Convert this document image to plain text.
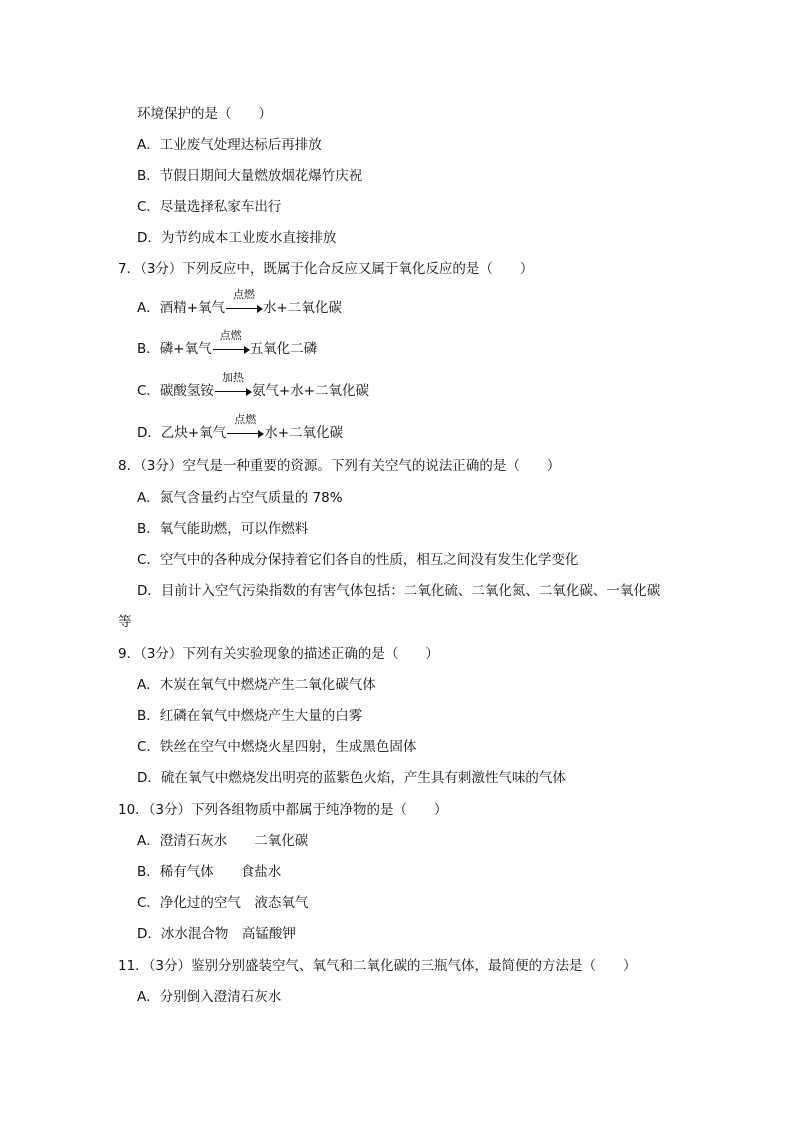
环境保护的是（　　）
A．工业废气处理达标后再排放
B．节假日期间大量燃放烟花爆竹庆祝
C．尽量选择私家车出行
D．为节约成本工业废水直接排放
7．（3分）下列反应中，既属于化合反应又属于氧化反应的是（　　）
A．酒精+氧气
点燃
水+二氧化碳
B．磷+氧气
点燃
五氧化二磷
C．碳酸氢铵
加热
氨气+水+二氧化碳
D．乙炔+氧气
点燃
水+二氧化碳
8．（3分）空气是一种重要的资源。下列有关空气的说法正确的是（　　）
A．氮气含量约占空气质量的 78%
B．氧气能助燃，可以作燃料
C．空气中的各种成分保持着它们各自的性质，相互之间没有发生化学变化
D．目前计入空气污染指数的有害气体包括：二氧化硫、二氧化氮、二氧化碳、一氧化碳
等
9．（3分）下列有关实验现象的描述正确的是（　　）
A．木炭在氧气中燃烧产生二氧化碳气体
B．红磷在氧气中燃烧产生大量的白雾
C．铁丝在空气中燃烧火星四射，生成黑色固体
D．硫在氧气中燃烧发出明亮的蓝紫色火焰，产生具有刺激性气味的气体
10．（3分）下列各组物质中都属于纯净物的是（　　）
A．澄清石灰水　　二氧化碳
B．稀有气体　　食盐水
C．净化过的空气　液态氧气
D．冰水混合物　高锰酸钾
11．（3分）鉴别分别盛装空气、氧气和二氧化碳的三瓶气体，最简便的方法是（　　）
A．分别倒入澄清石灰水
